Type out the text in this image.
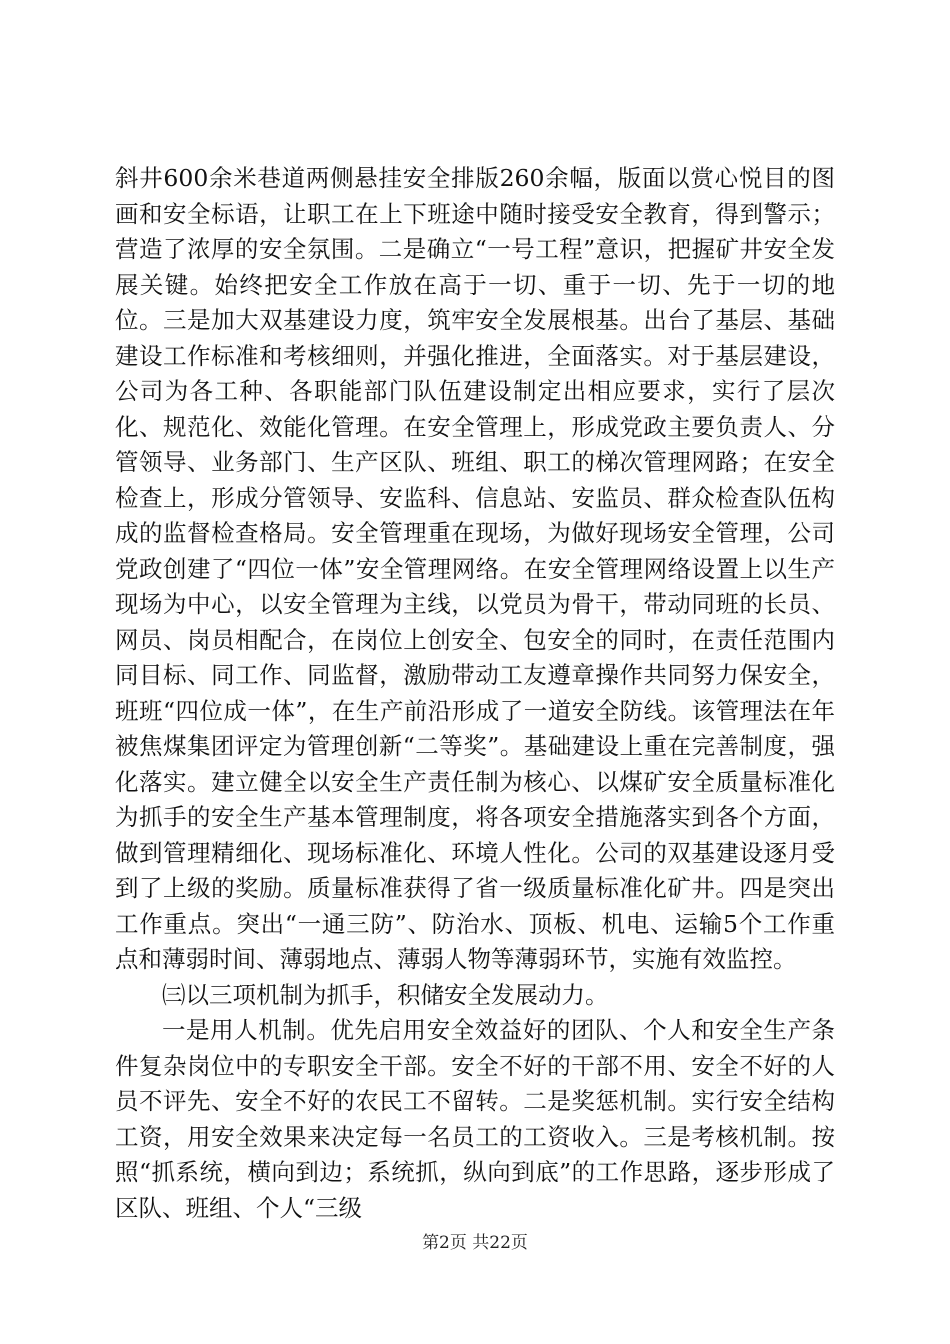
斜井600余米巷道两侧悬挂安全排版260余幅，版面以赏心悦目的图画和安全标语，让职工在上下班途中随时接受安全教育，得到警示；营造了浓厚的安全氛围。二是确立“一号工程”意识，把握矿井安全发展关键。始终把安全工作放在高于一切、重于一切、先于一切的地位。三是加大双基建设力度，筑牢安全发展根基。出台了基层、基础建设工作标准和考核细则，并强化推进，全面落实。对于基层建设，公司为各工种、各职能部门队伍建设制定出相应要求，实行了层次化、规范化、效能化管理。在安全管理上，形成党政主要负责人、分管领导、业务部门、生产区队、班组、职工的梯次管理网路；在安全检查上，形成分管领导、安监科、信息站、安监员、群众检查队伍构成的监督检查格局。安全管理重在现场，为做好现场安全管理，公司党政创建了“四位一体”安全管理网络。在安全管理网络设置上以生产现场为中心，以安全管理为主线，以党员为骨干，带动同班的长员、网员、岗员相配合，在岗位上创安全、包安全的同时，在责任范围内同目标、同工作、同监督，激励带动工友遵章操作共同努力保安全，班班“四位成一体”，在生产前沿形成了一道安全防线。该管理法在年被焦煤集团评定为管理创新“二等奖”。基础建设上重在完善制度，强化落实。建立健全以安全生产责任制为核心、以煤矿安全质量标准化为抓手的安全生产基本管理制度，将各项安全措施落实到各个方面，做到管理精细化、现场标准化、环境人性化。公司的双基建设逐月受到了上级的奖励。质量标准获得了省一级质量标准化矿井。四是突出工作重点。突出“一通三防”、防治水、顶板、机电、运输5个工作重点和薄弱时间、薄弱地点、薄弱人物等薄弱环节，实施有效监控。

㈢以三项机制为抓手，积储安全发展动力。

一是用人机制。优先启用安全效益好的团队、个人和安全生产条件复杂岗位中的专职安全干部。安全不好的干部不用、安全不好的人员不评先、安全不好的农民工不留转。二是奖惩机制。实行安全结构工资，用安全效果来决定每一名员工的工资收入。三是考核机制。按照“抓系统，横向到边；系统抓，纵向到底”的工作思路，逐步形成了区队、班组、个人“三级

第2页 共22页
